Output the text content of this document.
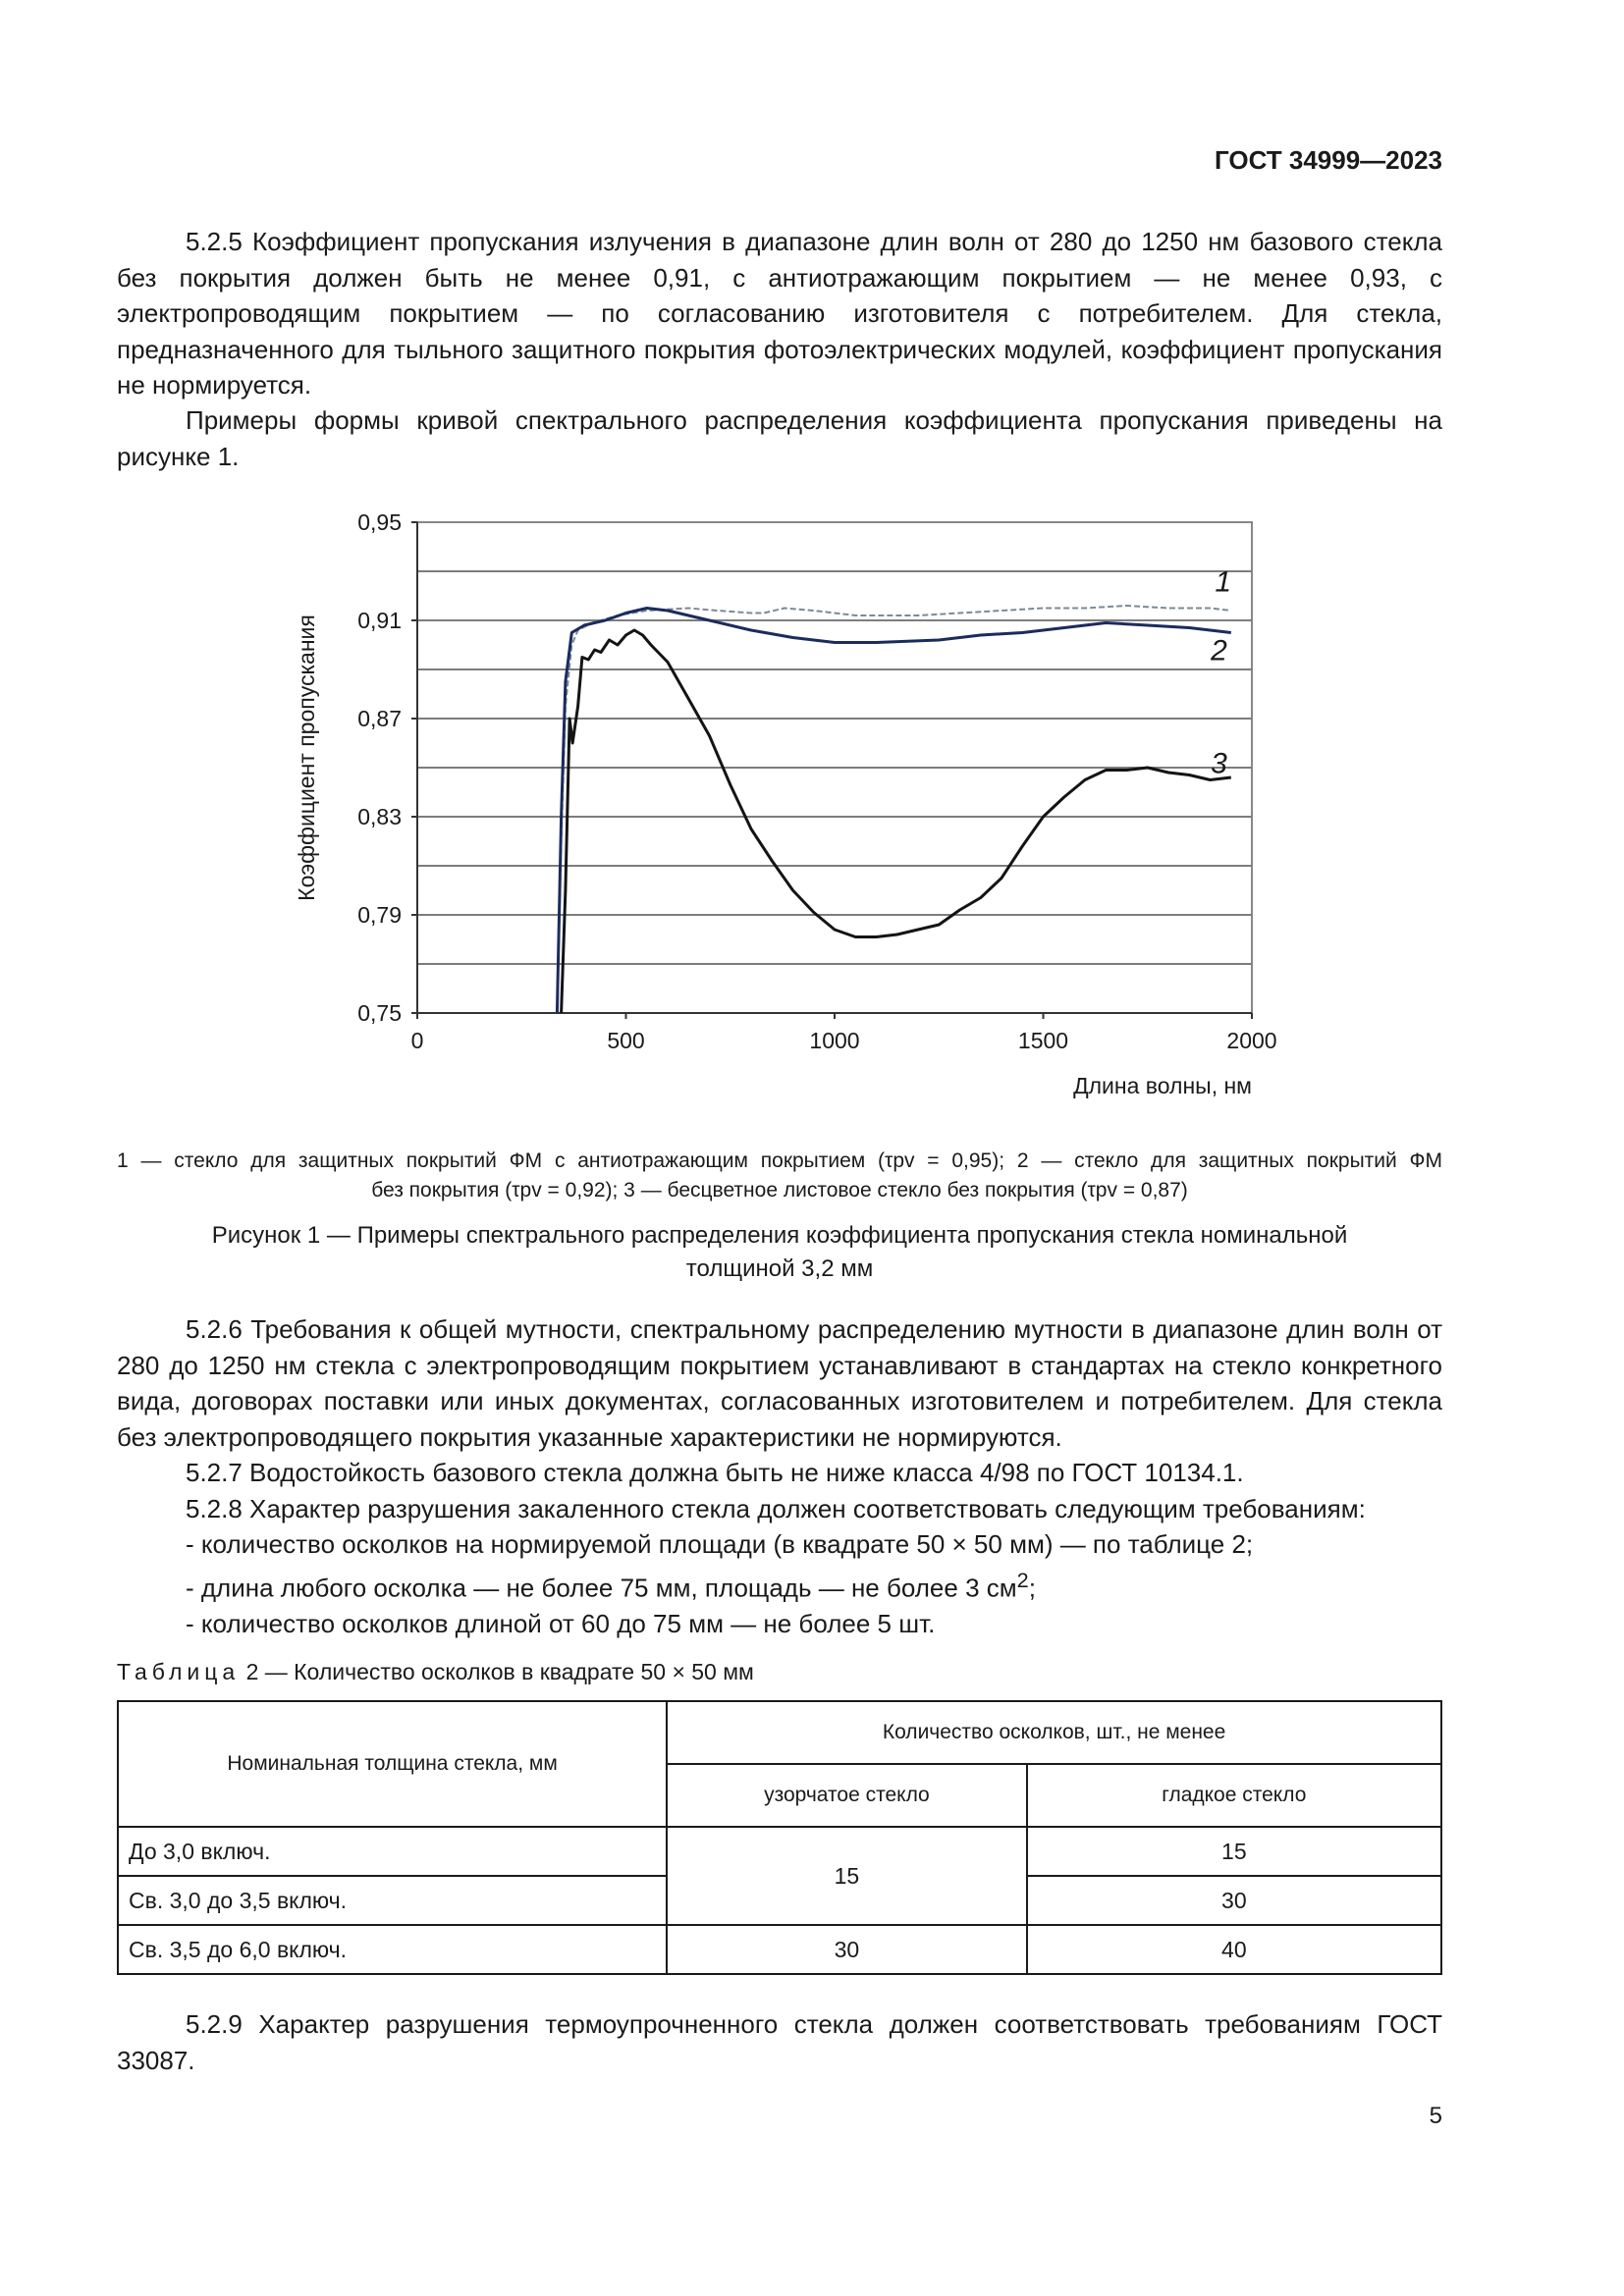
ГОСТ 34999—2023

5.2.5 Коэффициент пропускания излучения в диапазоне длин волн от 280 до 1250 нм базового стекла без покрытия должен быть не менее 0,91, с антиотражающим покрытием — не менее 0,93, с электропроводящим покрытием — по согласованию изготовителя с потребителем. Для стекла, предназначенного для тыльного защитного покрытия фотоэлектрических модулей, коэффициент пропускания не нормируется.

Примеры формы кривой спектрального распределения коэффициента пропускания приведены на рисунке 1.

0,75
0,79
0,83
0,87
0,91
0,95
0	500	1000	1500	2000
Длина волны, нм
Коэффициент пропускания
1
2
3
1 — стекло для защитных покрытий ФМ с антиотражающим покрытием (τpv = 0,95); 2 — стекло для защитных покрытий ФМ
без покрытия (τpv = 0,92); 3 — бесцветное листовое стекло без покрытия (τpv = 0,87)
Рисунок 1 — Примеры спектрального распределения коэффициента пропускания стекла номинальной
толщиной 3,2 мм

5.2.6 Требования к общей мутности, спектральному распределению мутности в диапазоне длин волн от 280 до 1250 нм стекла с электропроводящим покрытием устанавливают в стандартах на стекло конкретного вида, договорах поставки или иных документах, согласованных изготовителем и потребителем. Для стекла без электропроводящего покрытия указанные характеристики не нормируются.

5.2.7 Водостойкость базового стекла должна быть не ниже класса 4/98 по ГОСТ 10134.1.

5.2.8 Характер разрушения закаленного стекла должен соответствовать следующим требованиям:

- количество осколков на нормируемой площади (в квадрате 50 × 50 мм) — по таблице 2;

- длина любого осколка — не более 75 мм, площадь — не более 3 $см^2$;

- количество осколков длиной от 60 до 75 мм — не более 5 шт.

Таблица 2 — Количество осколков в квадрате 50 × 50 мм
Номинальная толщина стекла, мм	Количество осколков, шт., не менее	
	узорчатое стекло	гладкое стекло
До 3,0 включ.	15	15
Св. 3,0 до 3,5 включ.		30
Св. 3,5 до 6,0 включ.	30	40

5.2.9 Характер разрушения термоупрочненного стекла должен соответствовать требованиям ГОСТ 33087.

5
